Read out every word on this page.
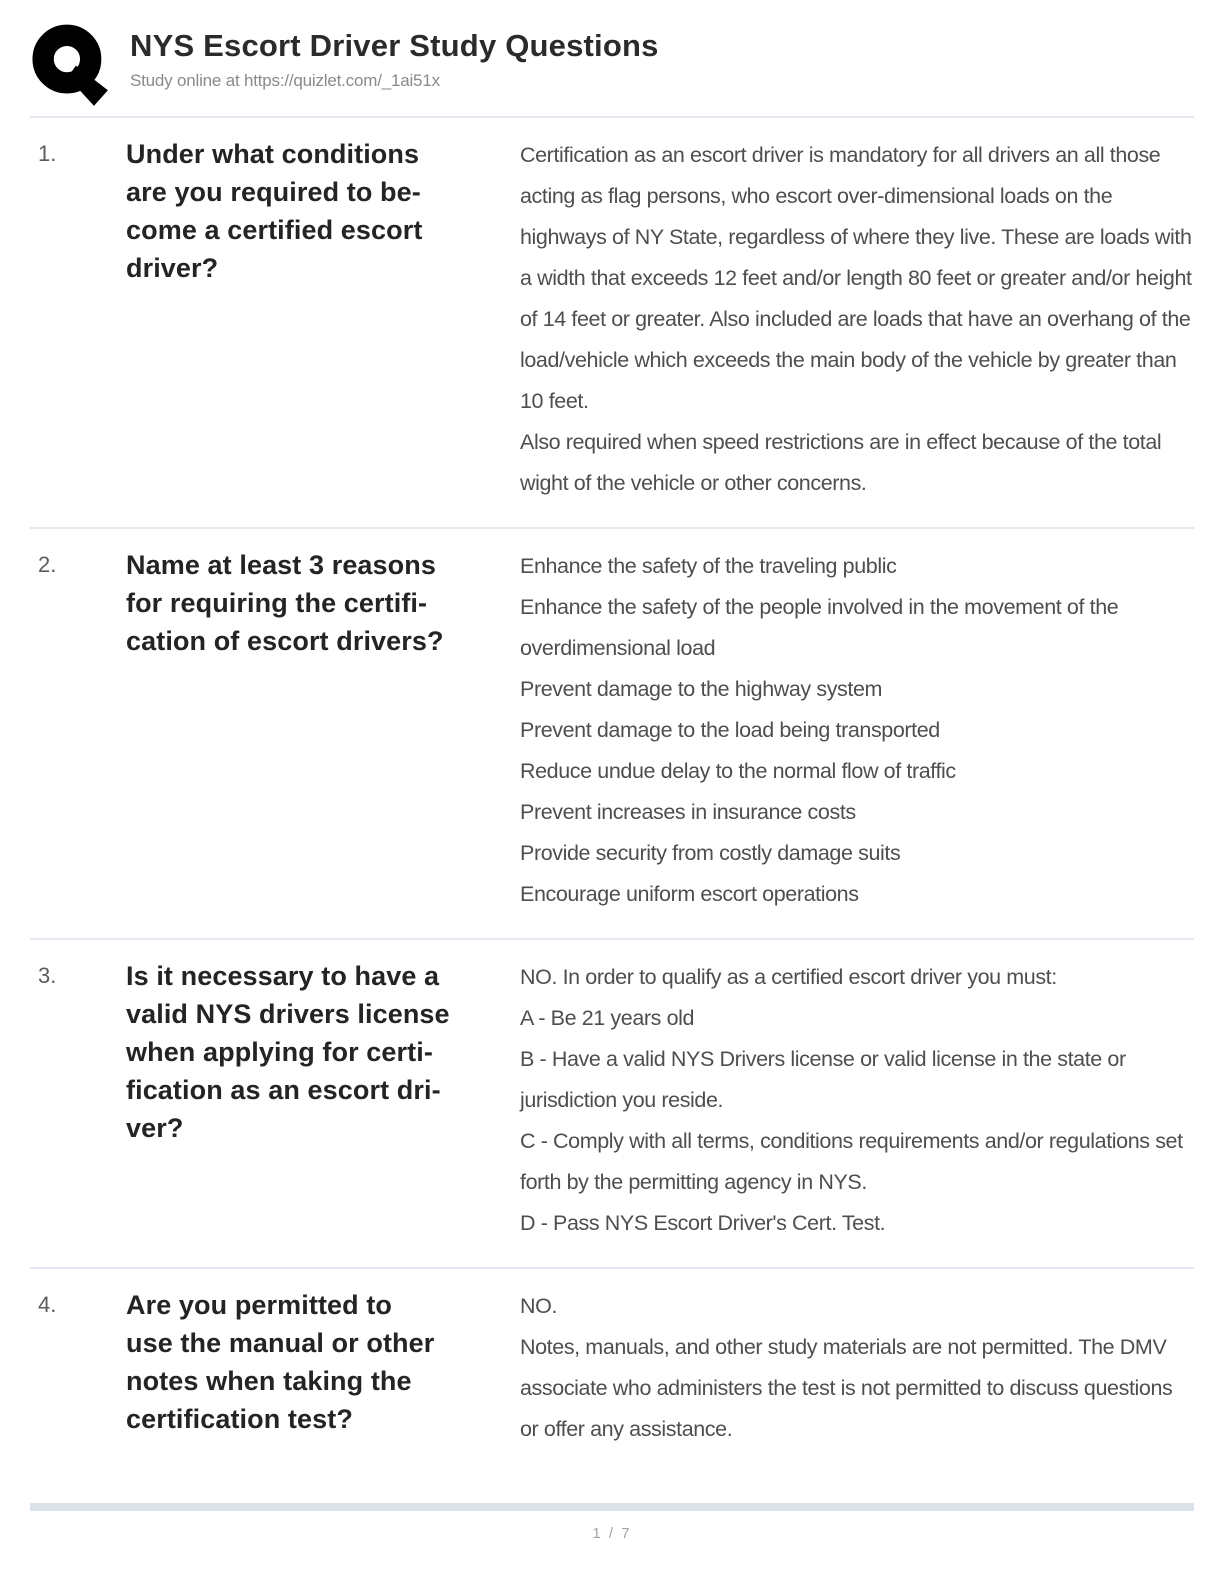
NYS Escort Driver Study Questions
Study online at https://quizlet.com/_1ai51x
1.	Under what conditions
are you required to be-
come a certified escort
driver?

Certification as an escort driver is mandatory for all drivers an all those acting as flag persons, who escort over-dimensional loads on the highways of NY State, regardless of where they live. These are loads with a width that exceeds 12 feet and/or length 80 feet or greater and/or height of 14 feet or greater. Also included are loads that have an overhang of the load/vehicle which exceeds the main body of the vehicle by greater than 10 feet.

Also required when speed restrictions are in effect because of the total wight of the vehicle or other concerns.

2.	Name at least 3 reasons
for requiring the certifi-
cation of escort drivers?

Enhance the safety of the traveling public

Enhance the safety of the people involved in the movement of the overdimensional load

Prevent damage to the highway system

Prevent damage to the load being transported

Reduce undue delay to the normal flow of traffic

Prevent increases in insurance costs

Provide security from costly damage suits

Encourage uniform escort operations

3.	Is it necessary to have a
valid NYS drivers license
when applying for certi-
fication as an escort dri-
ver?

NO. In order to qualify as a certified escort driver you must:

A - Be 21 years old

B - Have a valid NYS Drivers license or valid license in the state or jurisdiction you reside.

C - Comply with all terms, conditions requirements and/or regulations set forth by the permitting agency in NYS.

D - Pass NYS Escort Driver's Cert. Test.

4.	Are you permitted to
use the manual or other
notes when taking the
certification test?

NO.

Notes, manuals, and other study materials are not permitted. The DMV associate who administers the test is not permitted to discuss questions or offer any assistance.

1 / 7
